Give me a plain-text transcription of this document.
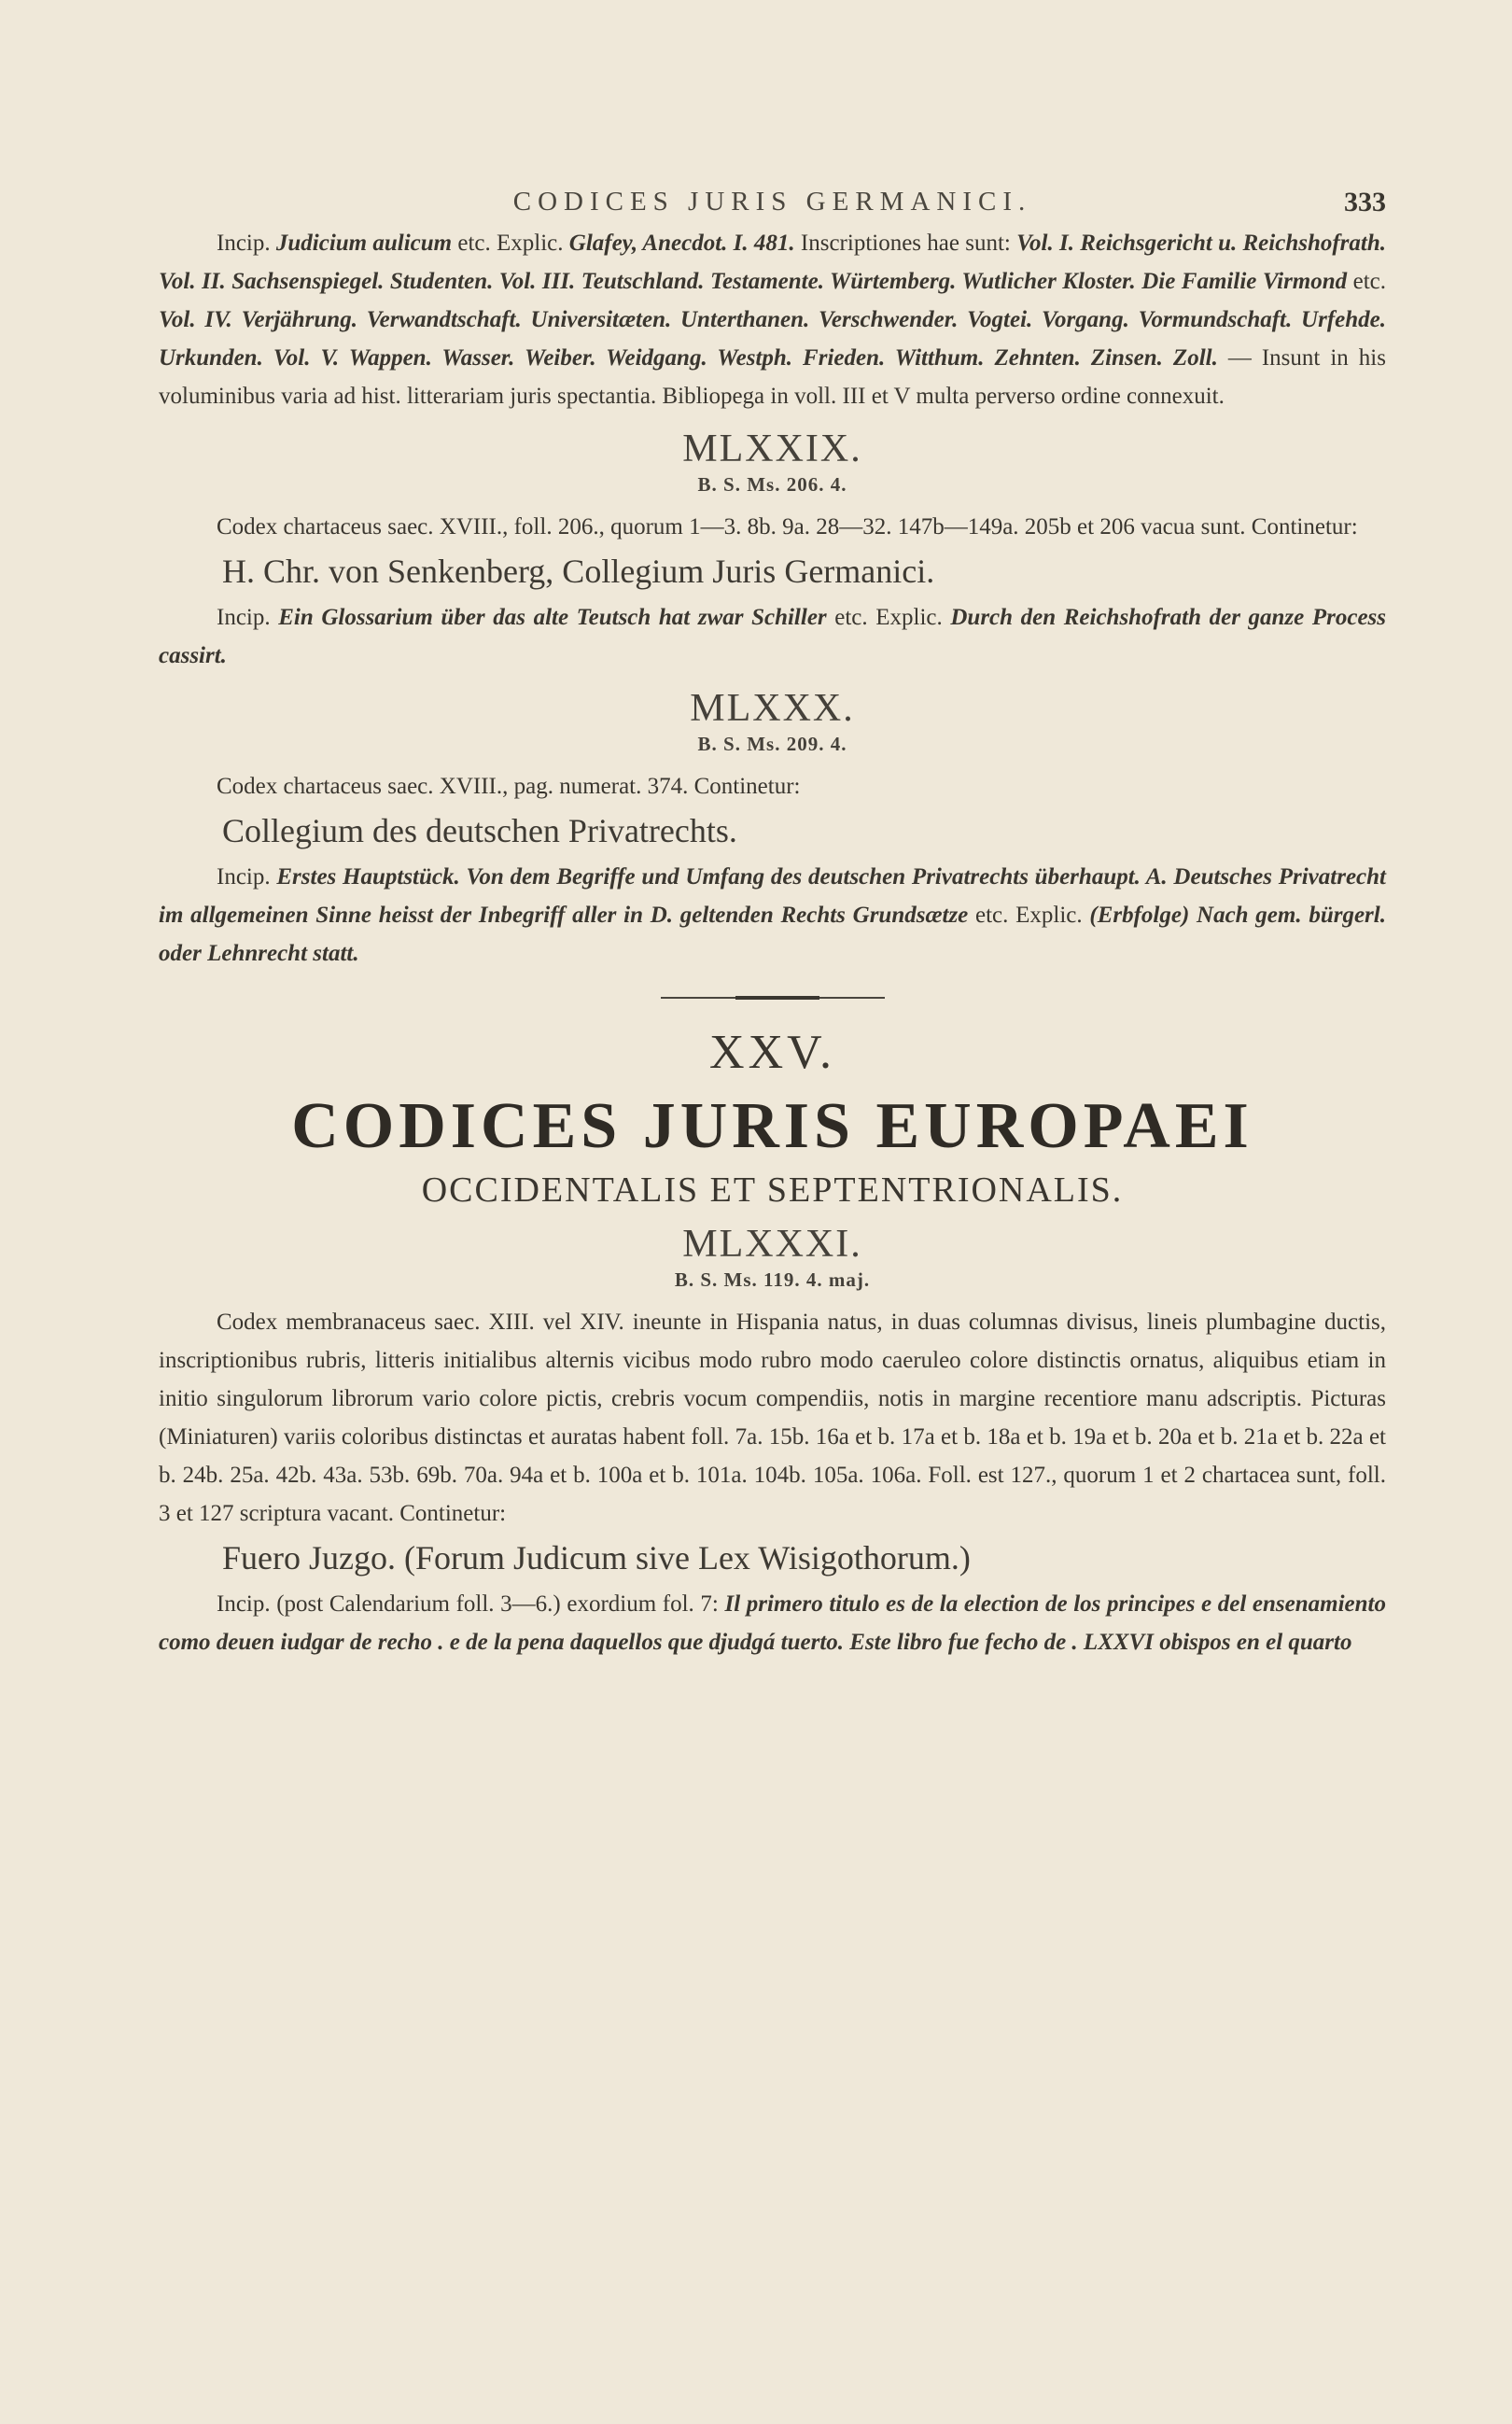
CODICES JURIS GERMANICI.	333

Incip. Judicium aulicum etc. Explic. Glafey, Anecdot. I. 481. Inscriptiones hae sunt: Vol. I. Reichsgericht u. Reichshofrath. Vol. II. Sachsenspiegel. Studenten. Vol. III. Teutschland. Testamente. Würtemberg. Wutlicher Kloster. Die Familie Virmond etc. Vol. IV. Verjährung. Verwandtschaft. Universitæten. Unterthanen. Verschwender. Vogtei. Vorgang. Vormundschaft. Urfehde. Urkunden. Vol. V. Wappen. Wasser. Weiber. Weidgang. Westph. Frieden. Witthum. Zehnten. Zinsen. Zoll. — Insunt in his voluminibus varia ad hist. litterariam juris spectantia. Bibliopega in voll. III et V multa perverso ordine connexuit.

MLXXIX.
B. S. Ms. 206. 4.

Codex chartaceus saec. XVIII., foll. 206., quorum 1—3. 8b. 9a. 28—32. 147b—149a. 205b et 206 vacua sunt. Continetur:

H. Chr. von Senkenberg, Collegium Juris Germanici.

Incip. Ein Glossarium über das alte Teutsch hat zwar Schiller etc. Explic. Durch den Reichshofrath der ganze Process cassirt.

MLXXX.
B. S. Ms. 209. 4.

Codex chartaceus saec. XVIII., pag. numerat. 374. Continetur:

Collegium des deutschen Privatrechts.

Incip. Erstes Hauptstück. Von dem Begriffe und Umfang des deutschen Privatrechts überhaupt. A. Deutsches Privatrecht im allgemeinen Sinne heisst der Inbegriff aller in D. geltenden Rechts Grundsætze etc. Explic. (Erbfolge) Nach gem. bürgerl. oder Lehnrecht statt.

XXV.
CODICES JURIS EUROPAEI
OCCIDENTALIS ET SEPTENTRIONALIS.
MLXXXI.
B. S. Ms. 119. 4. maj.

Codex membranaceus saec. XIII. vel XIV. ineunte in Hispania natus, in duas columnas divisus, lineis plumbagine ductis, inscriptionibus rubris, litteris initialibus alternis vicibus modo rubro modo caeruleo colore distinctis ornatus, aliquibus etiam in initio singulorum librorum vario colore pictis, crebris vocum compendiis, notis in margine recentiore manu adscriptis. Picturas (Miniaturen) variis coloribus distinctas et auratas habent foll. 7a. 15b. 16a et b. 17a et b. 18a et b. 19a et b. 20a et b. 21a et b. 22a et b. 24b. 25a. 42b. 43a. 53b. 69b. 70a. 94a et b. 100a et b. 101a. 104b. 105a. 106a. Foll. est 127., quorum 1 et 2 chartacea sunt, foll. 3 et 127 scriptura vacant. Continetur:

Fuero Juzgo. (Forum Judicum sive Lex Wisigothorum.)

Incip. (post Calendarium foll. 3—6.) exordium fol. 7: Il primero titulo es de la election de los principes e del ensenamiento como deuen iudgar de recho . e de la pena daquellos que djudgá tuerto. Este libro fue fecho de . LXXVI obispos en el quarto
